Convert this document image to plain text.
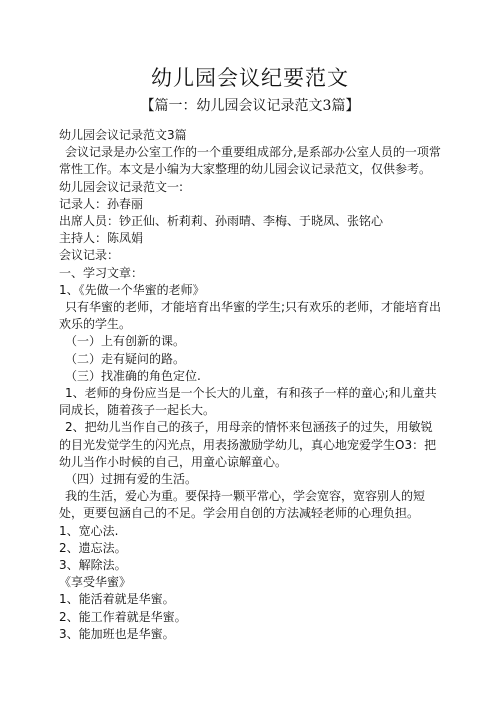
幼儿园会议纪要范文
【篇一：幼儿园会议记录范文3篇】

幼儿园会议记录范文3篇

会议记录是办公室工作的一个重要组成部分,是系部办公室人员的一项常常性工作。本文是小编为大家整理的幼儿园会议记录范文，仅供参考。

幼儿园会议记录范文一:

记录人：孙春丽

出席人员：钞正仙、析莉莉、孙雨晴、李梅、于晓凤、张铭心

主持人：陈凤娟

会议记录：

一、学习文章：

1、《先做一个华蜜的老师》

只有华蜜的老师，才能培育出华蜜的学生;只有欢乐的老师，才能培育出欢乐的学生。

（一）上有创新的课。

（二）走有疑问的路。

（三）找准确的角色定位.

1、老师的身份应当是一个长大的儿童，有和孩子一样的童心;和儿童共同成长，随着孩子一起长大。

2、把幼儿当作自己的孩子，用母亲的情怀来包涵孩子的过失，用敏锐的目光发觉学生的闪光点，用表扬激励学幼儿，真心地宠爱学生O3：把幼儿当作小时候的自己，用童心谅解童心。

（四）过拥有爱的生活。

我的生活，爱心为重。要保持一颗平常心，学会宽容，宽容别人的短处，更要包涵自己的不足。学会用自创的方法减轻老师的心理负担。

1、宽心法.

2、遗忘法。

3、解除法。

《享受华蜜》

1、能活着就是华蜜。

2、能工作着就是华蜜。

3、能加班也是华蜜。
